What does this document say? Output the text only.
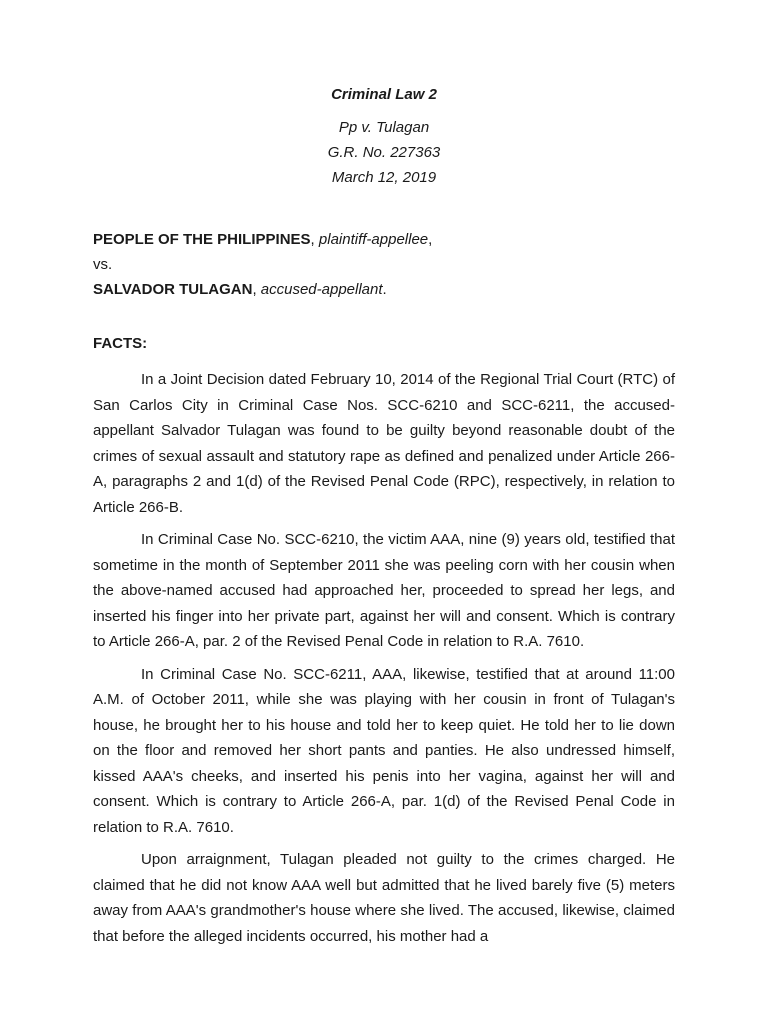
Criminal Law 2
Pp v. Tulagan
G.R. No. 227363
March 12, 2019
PEOPLE OF THE PHILIPPINES, plaintiff-appellee,
vs.
SALVADOR TULAGAN, accused-appellant.
FACTS:

In a Joint Decision dated February 10, 2014 of the Regional Trial Court (RTC) of San Carlos City in Criminal Case Nos. SCC-6210 and SCC-6211, the accused-appellant Salvador Tulagan was found to be guilty beyond reasonable doubt of the crimes of sexual assault and statutory rape as defined and penalized under Article 266-A, paragraphs 2 and 1(d) of the Revised Penal Code (RPC), respectively, in relation to Article 266-B.

In Criminal Case No. SCC-6210, the victim AAA, nine (9) years old, testified that sometime in the month of September 2011 she was peeling corn with her cousin when the above-named accused had approached her, proceeded to spread her legs, and inserted his finger into her private part, against her will and consent. Which is contrary to Article 266-A, par. 2 of the Revised Penal Code in relation to R.A. 7610.

In Criminal Case No. SCC-6211, AAA, likewise, testified that at around 11:00 A.M. of October 2011, while she was playing with her cousin in front of Tulagan's house, he brought her to his house and told her to keep quiet. He told her to lie down on the floor and removed her short pants and panties. He also undressed himself, kissed AAA's cheeks, and inserted his penis into her vagina, against her will and consent. Which is contrary to Article 266-A, par. 1(d) of the Revised Penal Code in relation to R.A. 7610.

Upon arraignment, Tulagan pleaded not guilty to the crimes charged. He claimed that he did not know AAA well but admitted that he lived barely five (5) meters away from AAA's grandmother's house where she lived. The accused, likewise, claimed that before the alleged incidents occurred, his mother had a
